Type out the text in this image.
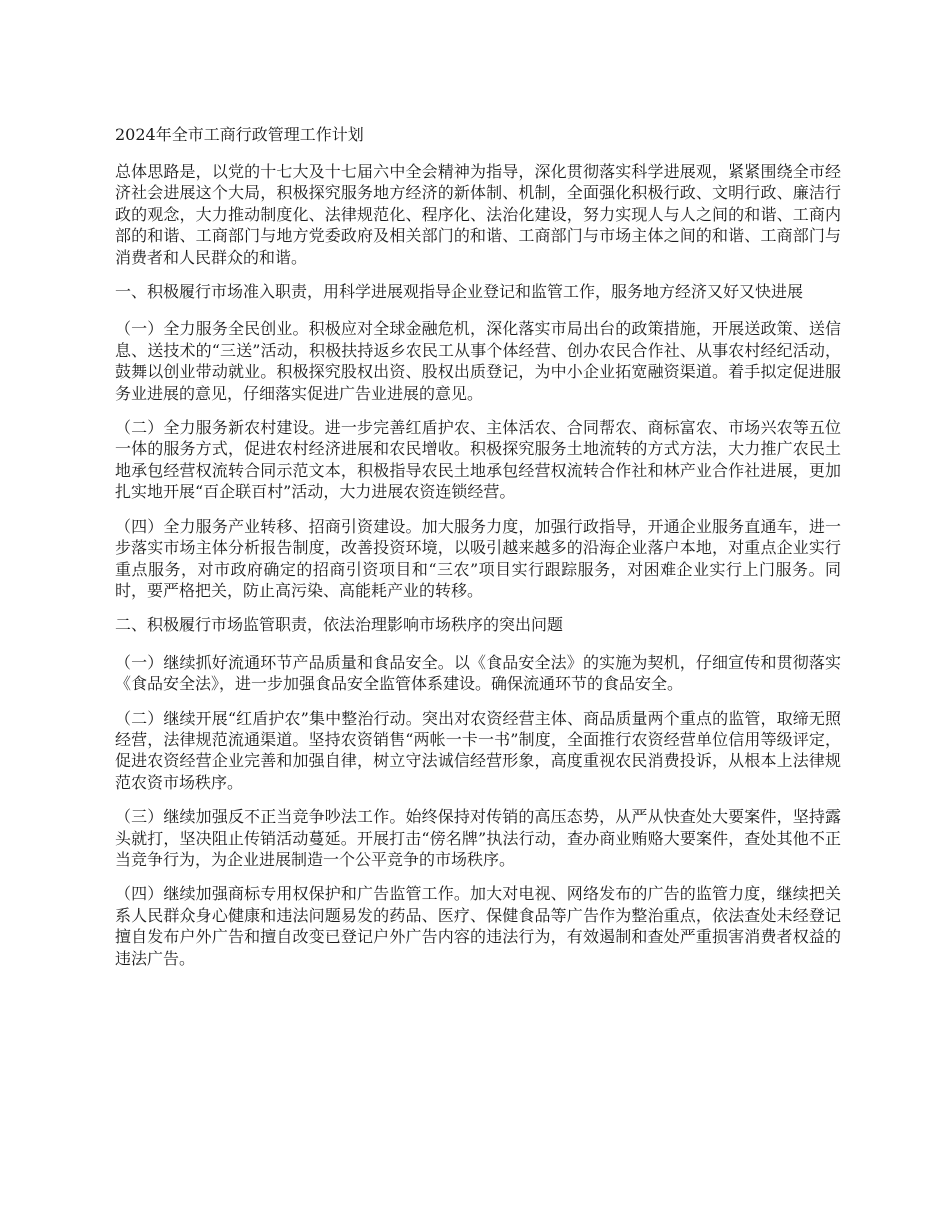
2024年全市工商行政管理工作计划

总体思路是，以党的十七大及十七届六中全会精神为指导，深化贯彻落实科学进展观，紧紧围绕全市经济社会进展这个大局，积极探究服务地方经济的新体制、机制，全面强化积极行政、文明行政、廉洁行政的观念，大力推动制度化、法律规范化、程序化、法治化建设，努力实现人与人之间的和谐、工商内部的和谐、工商部门与地方党委政府及相关部门的和谐、工商部门与市场主体之间的和谐、工商部门与消费者和人民群众的和谐。

一、积极履行市场准入职责，用科学进展观指导企业登记和监管工作，服务地方经济又好又快进展

（一）全力服务全民创业。积极应对全球金融危机，深化落实市局出台的政策措施，开展送政策、送信息、送技术的“三送”活动，积极扶持返乡农民工从事个体经营、创办农民合作社、从事农村经纪活动，鼓舞以创业带动就业。积极探究股权出资、股权出质登记，为中小企业拓宽融资渠道。着手拟定促进服务业进展的意见，仔细落实促进广告业进展的意见。

（二）全力服务新农村建设。进一步完善红盾护农、主体活农、合同帮农、商标富农、市场兴农等五位一体的服务方式，促进农村经济进展和农民增收。积极探究服务土地流转的方式方法，大力推广农民土地承包经营权流转合同示范文本，积极指导农民土地承包经营权流转合作社和林产业合作社进展，更加扎实地开展“百企联百村”活动，大力进展农资连锁经营。

（四）全力服务产业转移、招商引资建设。加大服务力度，加强行政指导，开通企业服务直通车，进一步落实市场主体分析报告制度，改善投资环境，以吸引越来越多的沿海企业落户本地，对重点企业实行重点服务，对市政府确定的招商引资项目和“三农”项目实行跟踪服务，对困难企业实行上门服务。同时，要严格把关，防止高污染、高能耗产业的转移。

二、积极履行市场监管职责，依法治理影响市场秩序的突出问题

（一）继续抓好流通环节产品质量和食品安全。以《食品安全法》的实施为契机，仔细宣传和贯彻落实《食品安全法》，进一步加强食品安全监管体系建设。确保流通环节的食品安全。

（二）继续开展“红盾护农”集中整治行动。突出对农资经营主体、商品质量两个重点的监管，取缔无照经营，法律规范流通渠道。坚持农资销售“两帐一卡一书”制度，全面推行农资经营单位信用等级评定，促进农资经营企业完善和加强自律，树立守法诚信经营形象，高度重视农民消费投诉，从根本上法律规范农资市场秩序。

（三）继续加强反不正当竞争吵法工作。始终保持对传销的高压态势，从严从快查处大要案件，坚持露头就打，坚决阻止传销活动蔓延。开展打击“傍名牌”执法行动，查办商业贿赂大要案件，查处其他不正当竞争行为，为企业进展制造一个公平竞争的市场秩序。

（四）继续加强商标专用权保护和广告监管工作。加大对电视、网络发布的广告的监管力度，继续把关系人民群众身心健康和违法问题易发的药品、医疗、保健食品等广告作为整治重点，依法查处未经登记擅自发布户外广告和擅自改变已登记户外广告内容的违法行为，有效遏制和查处严重损害消费者权益的违法广告。
